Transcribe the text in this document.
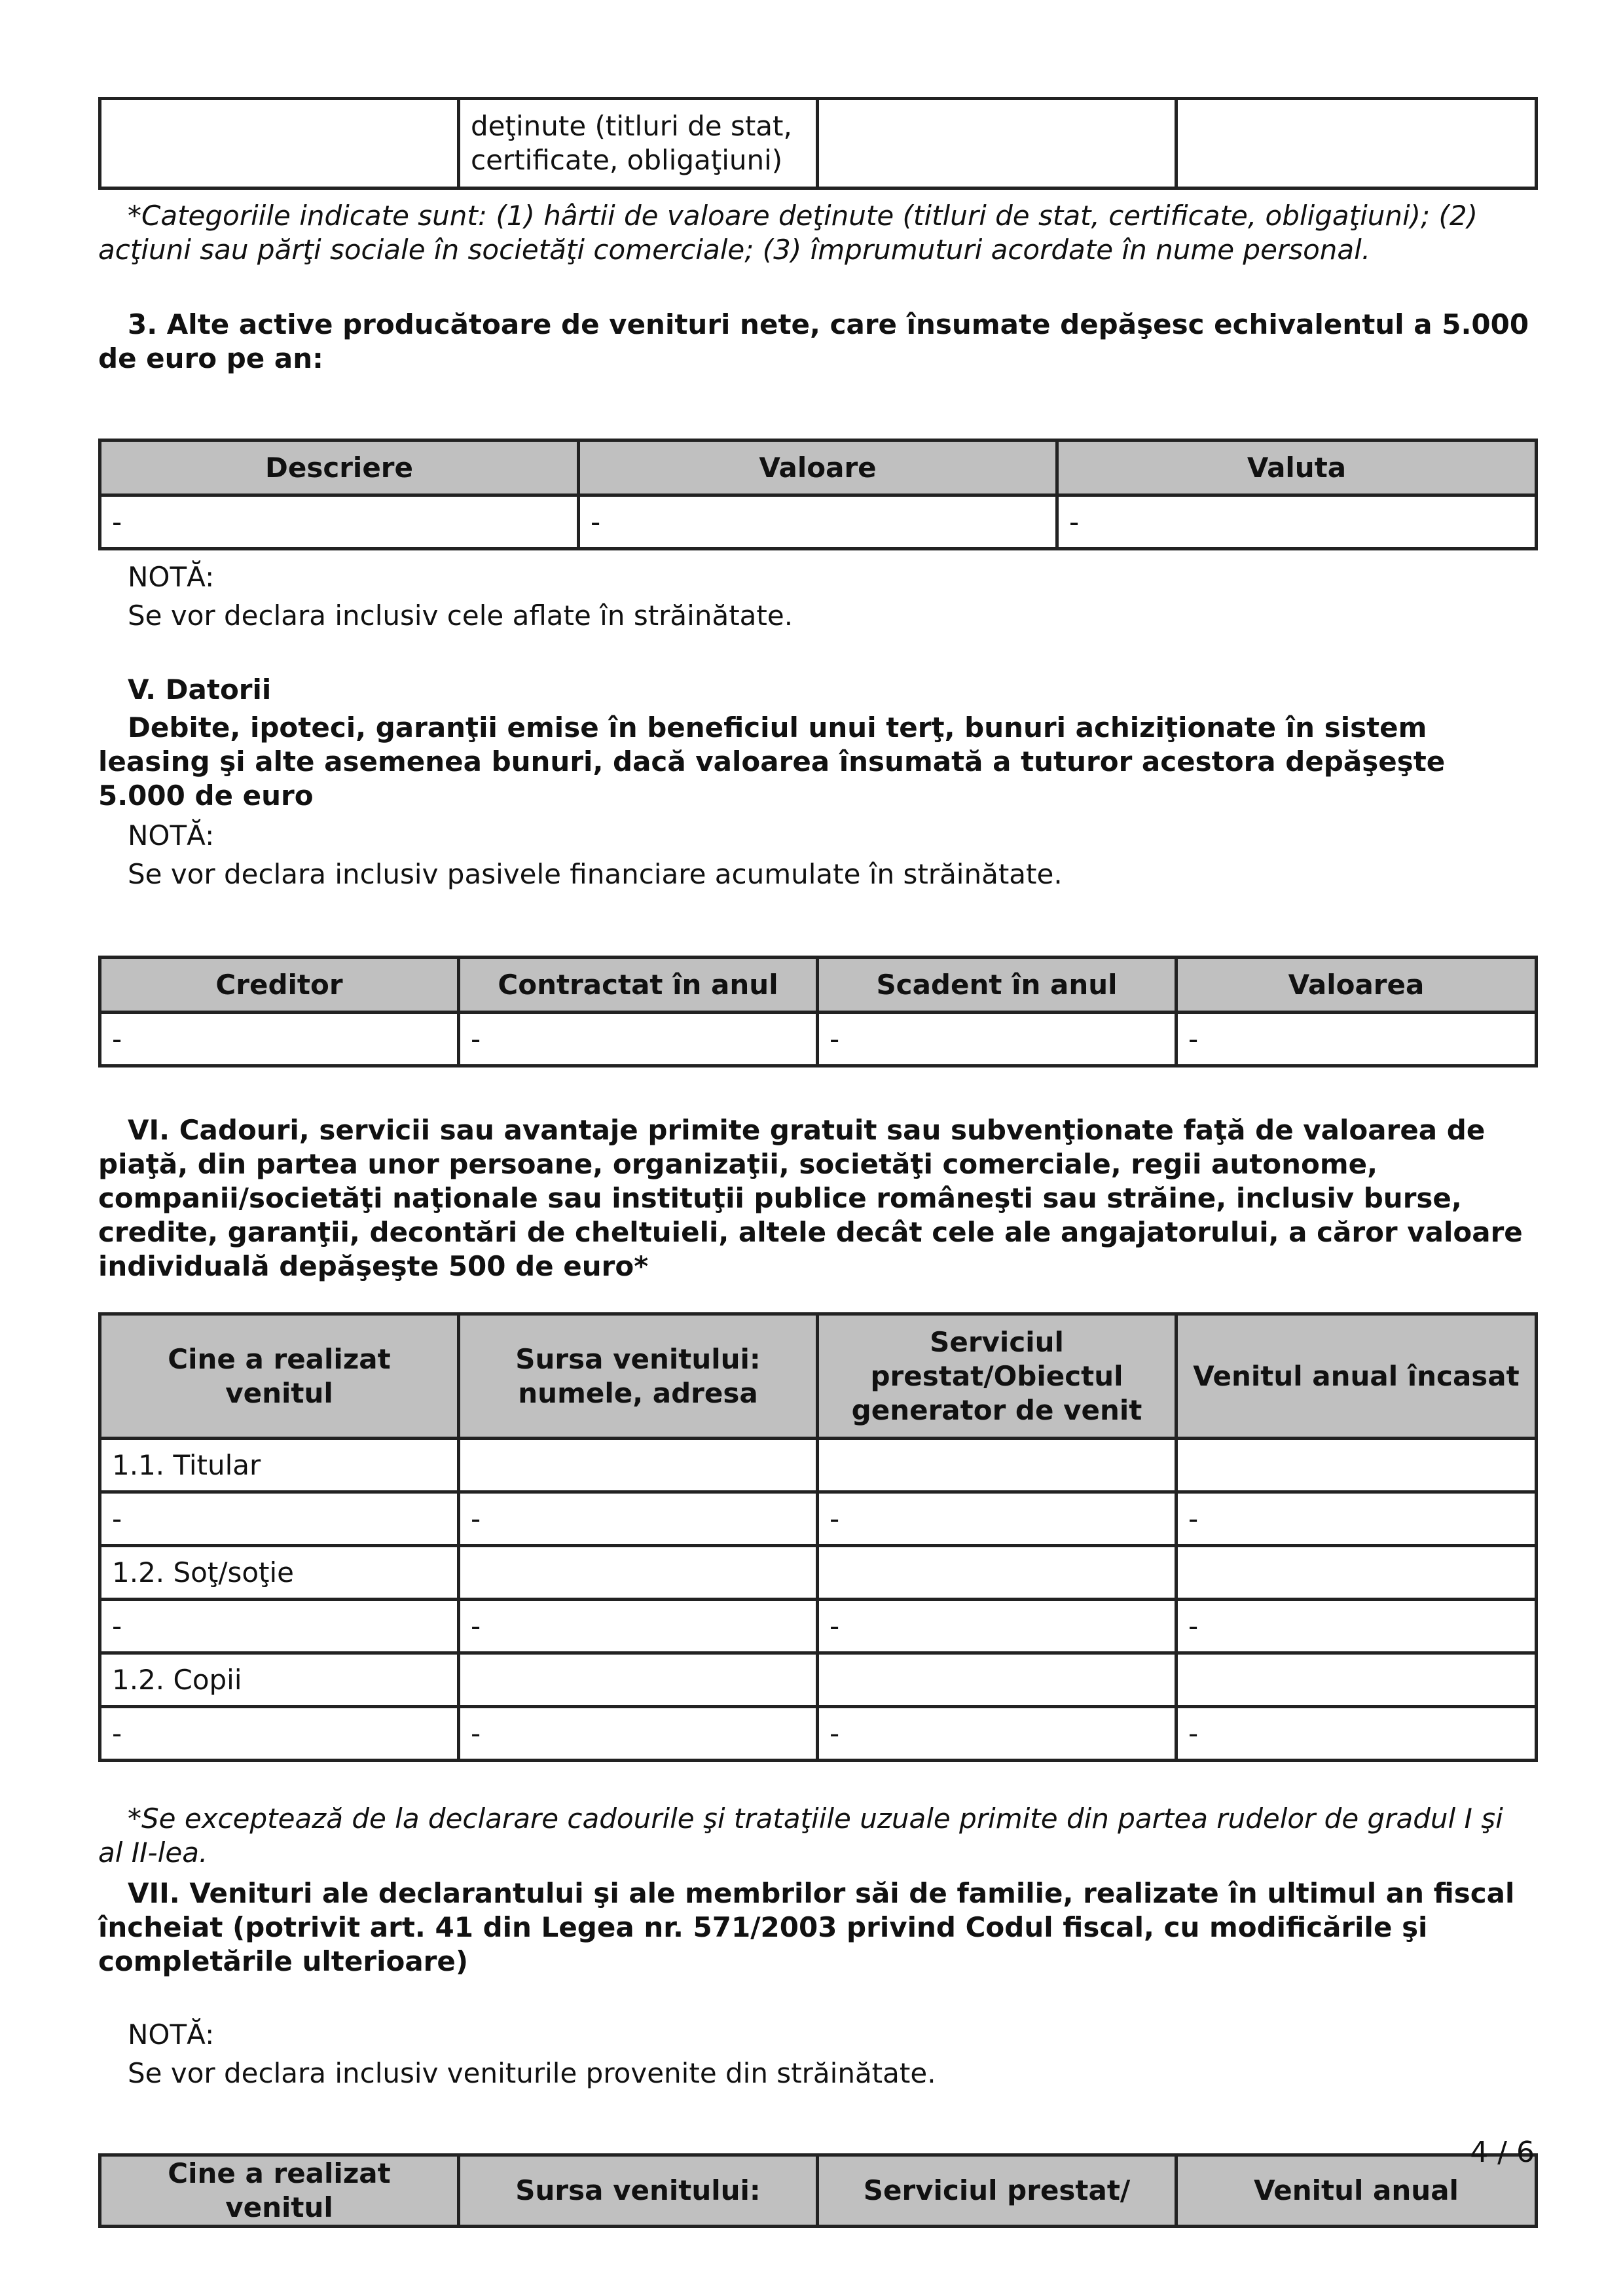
	deţinute (titluri de stat, certificate, obligaţiuni)		

*Categoriile indicate sunt: (1) hârtii de valoare deţinute (titluri de stat, certificate, obligaţiuni); (2) acţiuni sau părţi sociale în societăţi comerciale; (3) împrumuturi acordate în nume personal.

3. Alte active producătoare de venituri nete, care însumate depăşesc echivalentul a 5.000 de euro pe an:

Descriere	Valoare	Valuta
-	-	-

NOTĂ:

Se vor declara inclusiv cele aflate în străinătate.

V. Datorii

Debite, ipoteci, garanţii emise în beneficiul unui terţ, bunuri achiziţionate în sistem leasing şi alte asemenea bunuri, dacă valoarea însumată a tuturor acestora depăşeşte 5.000 de euro

NOTĂ:

Se vor declara inclusiv pasivele financiare acumulate în străinătate.

Creditor	Contractat în anul	Scadent în anul	Valoarea
-	-	-	-

VI. Cadouri, servicii sau avantaje primite gratuit sau subvenţionate faţă de valoarea de piaţă, din partea unor persoane, organizaţii, societăţi comerciale, regii autonome, companii/societăţi naţionale sau instituţii publice româneşti sau străine, inclusiv burse, credite, garanţii, decontări de cheltuieli, altele decât cele ale angajatorului, a căror valoare individuală depăşeşte 500 de euro*

Cine a realizat venitul	Sursa venitului: numele, adresa	Serviciul prestat/Obiectul generator de venit	Venitul anual încasat
1.1. Titular			
-	-	-	-
1.2. Soţ/soţie			
-	-	-	-
1.2. Copii			
-	-	-	-

*Se exceptează de la declarare cadourile şi trataţiile uzuale primite din partea rudelor de gradul I şi al II-lea.

VII. Venituri ale declarantului şi ale membrilor săi de familie, realizate în ultimul an fiscal încheiat (potrivit art. 41 din Legea nr. 571/2003 privind Codul fiscal, cu modificările şi completările ulterioare)

NOTĂ:

Se vor declara inclusiv veniturile provenite din străinătate.

Cine a realizat venitul	Sursa venitului:	Serviciul prestat/	Venitul anual
4 / 6
